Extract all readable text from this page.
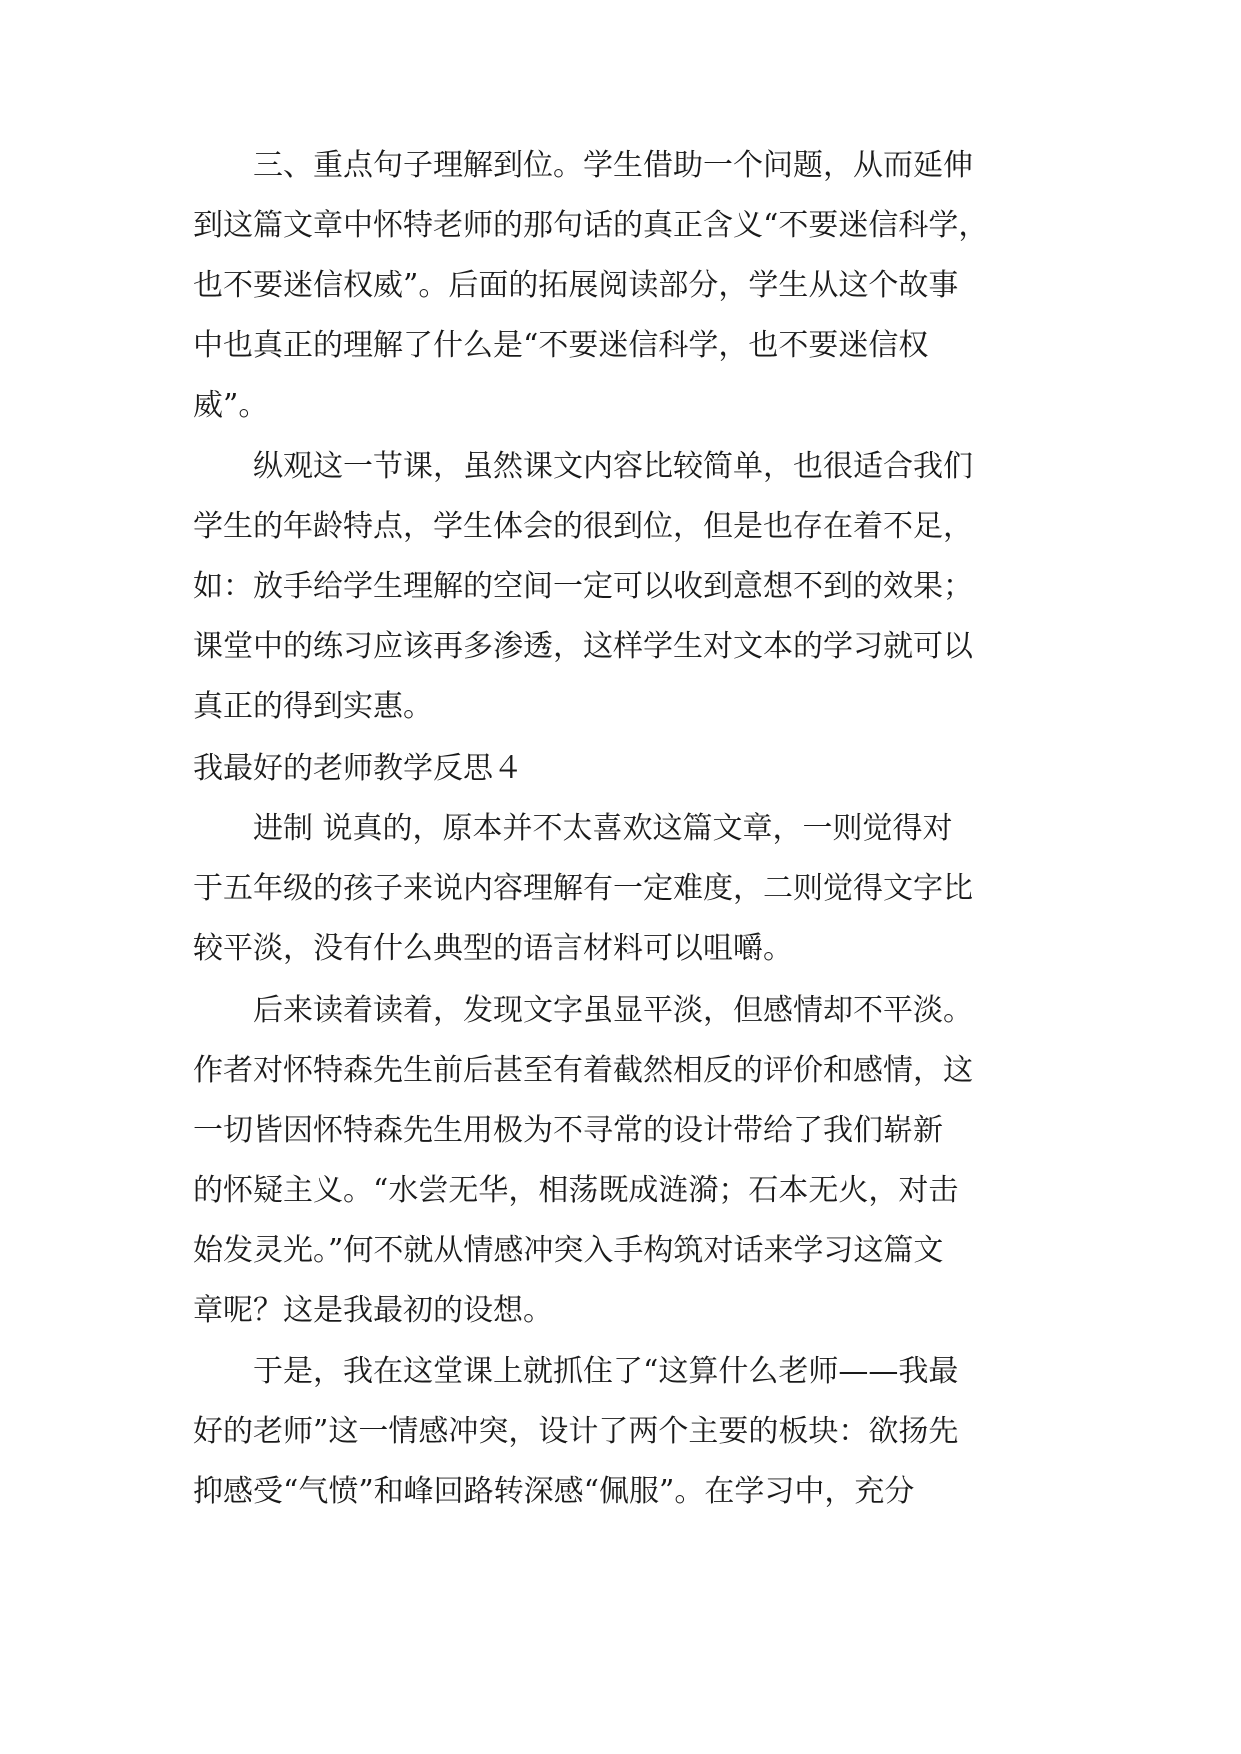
三、重点句子理解到位。学生借助一个问题，从而延伸
到这篇文章中怀特老师的那句话的真正含义“不要迷信科学，
也不要迷信权威”。后面的拓展阅读部分，学生从这个故事
中也真正的理解了什么是“不要迷信科学，也不要迷信权
威”。
纵观这一节课，虽然课文内容比较简单，也很适合我们
学生的年龄特点，学生体会的很到位，但是也存在着不足，
如：放手给学生理解的空间一定可以收到意想不到的效果；
课堂中的练习应该再多渗透，这样学生对文本的学习就可以
真正的得到实惠。
我最好的老师教学反思４
进制 说真的，原本并不太喜欢这篇文章，一则觉得对
于五年级的孩子来说内容理解有一定难度，二则觉得文字比
较平淡，没有什么典型的语言材料可以咀嚼。
后来读着读着，发现文字虽显平淡，但感情却不平淡。
作者对怀特森先生前后甚至有着截然相反的评价和感情，这
一切皆因怀特森先生用极为不寻常的设计带给了我们崭新
的怀疑主义。“水尝无华，相荡既成涟漪；石本无火，对击
始发灵光。”何不就从情感冲突入手构筑对话来学习这篇文
章呢？这是我最初的设想。
于是，我在这堂课上就抓住了“这算什么老师——我最
好的老师”这一情感冲突，设计了两个主要的板块：欲扬先
抑感受“气愤”和峰回路转深感“佩服”。在学习中，充分
